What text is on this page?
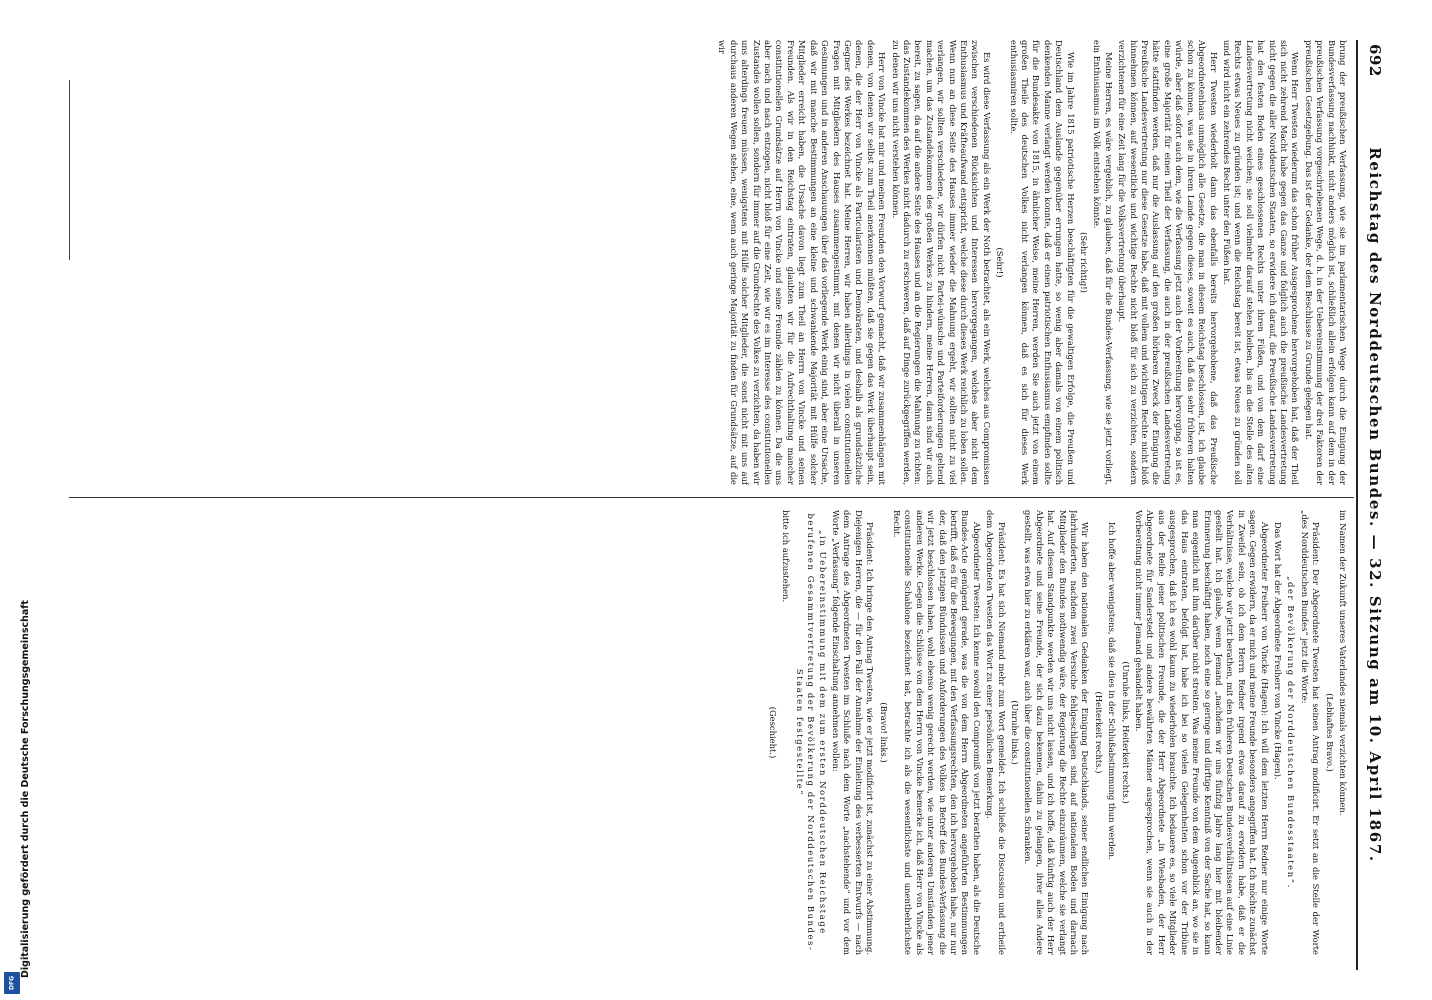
692
Reichstag des Norddeutschen Bundes. — 32. Sitzung am 10. April 1867.

brung der preußischen Verfassung, wie sie im parlamentarischen Wege durch die Einigung der Bundesverfassung nachhinkt, nicht anders möglich ist, schließlich allein erfolgen kann auf dem in der preußischen Verfassung vorgeschriebenen Wege, d. h. in der Uebereinstimmung der drei Faktoren der preußischen Gesetzgebung. Das ist der Gedanke, der dem Beschlusse zu Grunde gelegen hat.

Wenn Herr Twesten wiederum das schon früher Ausgesprochene hervorgehoben hat, daß der Theil sich nicht zehrend Macht habe gegen das Ganze und folglich auch die preußische Landesvertretung nicht gegen die aller Norddeutschen Staaten, so erwidere ich darauf, die Preußische Landesvertretung hat den festen Boden eines geschlossenen Rechts unter ihren Füßen, und von dem darf eine Landesvertretung nicht weichen; sie soll vielmehr darauf stehen bleiben, bis an die Stelle des alten Rechts etwas Neues zu gründen ist; und wenn die Reichstag bereit ist, etwas Neues zu gründen soll und wird nicht ein zehrendes Recht unter den Füßen hat.

Herr Twesten wiederholt dann das ebenfalls bereits hervorgehobene, daß das Preußische Abgeordnetenhaus unmöglich alle Gesetze, die man in diesem Reichstag beschlossen, ist, ich glaube schon zu können, was sie in ihrem Lande gegen dieses, soweit es auch, daß das sehr früheren halten würde, aber daß sofort auch dem, wie die Verfassung jetzt auch der Vorbereitung hervorging, so ist es, eine große Majorität für einen Theil der Verfassung, die auch in der preußischen Landesvertretung hätte stattfinden werden, daß nur die Auslassung auf den großen hörbaren Zweck der Einigung die Preußische Landesvertretung nur diese Gesetze habe, daß mit vollem und wichtigen Rechte nicht bloß hinnehmen können, auf wesentliche und wichtige Rechte nicht bloß für sich zu verzichten, sondern verzichtenen für eine Zeit lang für die Volksvertretung überhaupt.

Meine Herren, es wäre vergeblich, zu glauben, daß für die Bundes-Verfassung, wie sie jetzt vorliegt, ein Enthusiasmus im Volk entstehen könnte.

(Sehr richtig!)

Wie im Jahre 1815 patriotische Herzen beschäftigten für die gewaltigen Erfolge, die Preußen und Deutschland dem Auslande gegenüber errungen hatte, so wenig aber damals von einem politisch denkenden Manne verlangt werden konnte, daß er einen patriotischen Enthusiasmus empfinden sollte für die Bundesakte von 1815, in ähnlicher Weise, meine Herren, werden Sie auch jetzt von einem großen Theile des deutschen Volkes nicht verlangen können, daß es sich für dieses Werk enthusiasmiren sollte.

(Sehr!)

Es wird diese Verfassung als ein Werk der Noth betrachtet, als ein Werk, welches aus Compromissen zwischen verschiedenen Rücksichten und Interessen hervorgegangen, welches aber nicht dem Enthusiasmus und Kräfteaufwand entspricht, welche diese durch dieses Werk reichlich zu loben sollen. Wenn nun an diese Seite des Hauses immer wieder die Mahnung ergeht, wir sollten nicht zu viel verlangen, wir sollten verschiedene, wir dürfen nicht Partei-wünsche und Parteiforderungen geltend machen, um das Zustandekommen des großen Werkes zu hindern, meine Herren, dann sind wir auch bereit, zu sagen, da auf die andere Seite des Hauses und an die Regierungen die Mahnung zu richten: das Zustandekommen des Werkes nicht dadurch zu erschweren, daß auf Dinge zurückgegriffen werden, zu denen wir uns nicht verstehen können.

Herr von Vincke hat mir und meinen Freunden den Vorwurf gemacht, daß wir zusammenhängen mit denen, von denen wir selbst zum Theil anerkennen müßten, daß sie gegen das Werk überhaupt sein, denen, die der Herr von Vincke als Particularisten und Demokraten, und deshalb als grundsätzliche Gegner des Werkes bezeichnet hat. Meine Herren, wir haben allerdings in vielen constitutionellen Fragen mit Mitgliedern des Hauses zusammengestimmt, mit denen wir nicht überall in unseren Gesinnungen und in anderen Anschauungen über das vorliegende Werk einig sind, aber eine Ursache, daß wir mit manche Bestimmungen an eine kleine und schwankende Majorität mit Hülfe solcher Mitglieder erreicht haben, die Ursache davon liegt zum Theil an Herrn von Vincke und seinen Freunden. Als wir in den Reichstag eintraten, glaubten wir für die Aufrechthaltung mancher constitutionellen Grundsätze auf Herrn von Vincke und seine Freunde zählen zu können. Da die uns aber nach und nach entzogen, nicht bloß für eine Zeit, wie wir es im Interesse des constitutionellen Zustandes wollen sollen, sondern für immer auf die Grundrechte des Volkes zu verzichten, da haben wir uns alterdings freuen müssen, wenigstens mit Hülfe solcher Mitglieder, die sonst nicht mit uns auf durchaus anderen Wegen stehen, eine, wenn auch geringe Majorität zu finden für Grundsätze, auf die wir

im Namen der Zukunft unseres Vaterlandes niemals verzichten können.

(Lebhaftes Bravo.)

Präsident: Der Abgeordnete Twesten hat seinen Antrag modificirt. Er setzt an die Stelle der Worte „des Norddeutschen Bundes“ jetzt die Worte:

„der Bevölkerung der Norddeutschen Bundesstaaten“.

Das Wort hat der Abgeordnete Freiherr von Vincke (Hagen).

Abgeordneter Freiherr von Vincke (Hagen): Ich will dem letzten Herrn Redner nur einige Worte sagen. Gegen erwidern, da er mich und meine Freunde besonders angegriffen hat. Ich möchte zunächst in Zweifel sein, ob ich dem Herrn Redner irgend etwas darauf zu erwidern habe, daß er die Verhältnisse, welche wir jetzt berathen, mit den früheren Deutschen Bundesverhältnissen auf eine Linie gestellt hat. Ich glaube, wenn Jemand „nachdem wir uns fünfzig Jahre lang hier mit bleibender Erinnerung beschäftigt haben, noch eine so geringe und dürftige Kenntniß von der Sache hat, so kann man eigentlich mit ihm darüber nicht streiten. Was meine Freunde von dem Augenblick an, wo sie in das Haus eintraten, befolgt hat, habe ich bei so vielen Gelegenheiten schon vor der Tribüne ausgesprochen, daß ich es wohl kaum zu wiederholen brauchte. Ich bedauere es, so viele Mitglieder aus der Reihe jener politischen Freunde, die der Herr Abgeordnete „in Wiesbaden, der Herr Abgeordnete für Sanderstedt und andere bewährten Männer ausgesprochen, wenn sie auch in der Vorbereitung nicht immer Jemand gehandelt haben.

(Unruhe links, Heiterkeit rechts.)

Ich hoffe aber wenigstens, daß sie dies in der Schlußabstimmung thun werden.

(Heiterkeit rechts.)

Wir haben den nationalen Gedanken der Einigung Deutschlands, seiner endlichen Einigung nach Jahrhunderten, nachdem zwei Versuche fehlgeschlagen sind, auf nationalem Boden und darnach Mitglieder den Bundes nothwendig wäre, der Regierung die Rechte einzuräumen, welche sie verlangt hat. Auf diesem Standpunkte werden wir uns nicht lassen, und ich hoffe, daß künftig auch der Herr Abgeordnete und seine Freunde, der sich dazu bekennen, dahin zu gelangen, ihrer alles Andere gestellt, was etwa hier zu erklären war, auch über die constitutionellen Schranken.

(Unruhe links.)

Präsident: Es hat sich Niemand mehr zum Wort gemeldet. Ich schließe die Discussion und ertheile dem Abgeordneten Twesten das Wort zu einer persönlichen Bemerkung.

Abgeordneter Twesten: Ich kenne sowohl den Compromiß von jetzt berathen haben, als die Deutsche Bundes-Acte genügend gerade, was die von dem Herrn Abgeordneten angeführten Bestimmungen betrifft, daß es für die Bewegungen, mit den Verfassungsrechten, den ich hervorgehoben habe, nur nur der, daß den jetzigen Bündnissen und Anforderungen des Volkes in Betreff des Bundes-Verfassung die wir jetzt beschlossen haben, wohl ebenso wenig gerecht werden, wie unter anderen Umständen jener anderen Werke. Gegen die Schlüsse von dem Herrn von Vincke bemerke ich, daß Herr von Vincke als constitutionelle Schablone bezeichnet hat, betrachte ich als die wesentlichste und unentbehrlichste Recht.

(Bravo! links.)

Präsident: Ich bringe den Antrag Twesten, wie er jetzt modificirt ist, zunächst zu einer Abstimmung. Diejenigen Herren, die — für den Fall der Annahme der Einleitung des verbesserten Entwurfs — nach dem Antrage des Abgeordneten Twesten im Schluße nach dem Worte „nachstehende“ und vor dem Worte „Verfassung“ folgende Einschaltung annehmen wollen:

„in Uebereinstimmung mit dem zum ersten Norddeutschen Reichstage berufenen Gesammtvertretung der Bevölkerung der Norddeutschen Bundes-Staaten festgestellte“

bitte ich aufzustehen.

(Geschieht.)

Digitalisierung gefördert durch die Deutsche Forschungsgemeinschaft
DFG
